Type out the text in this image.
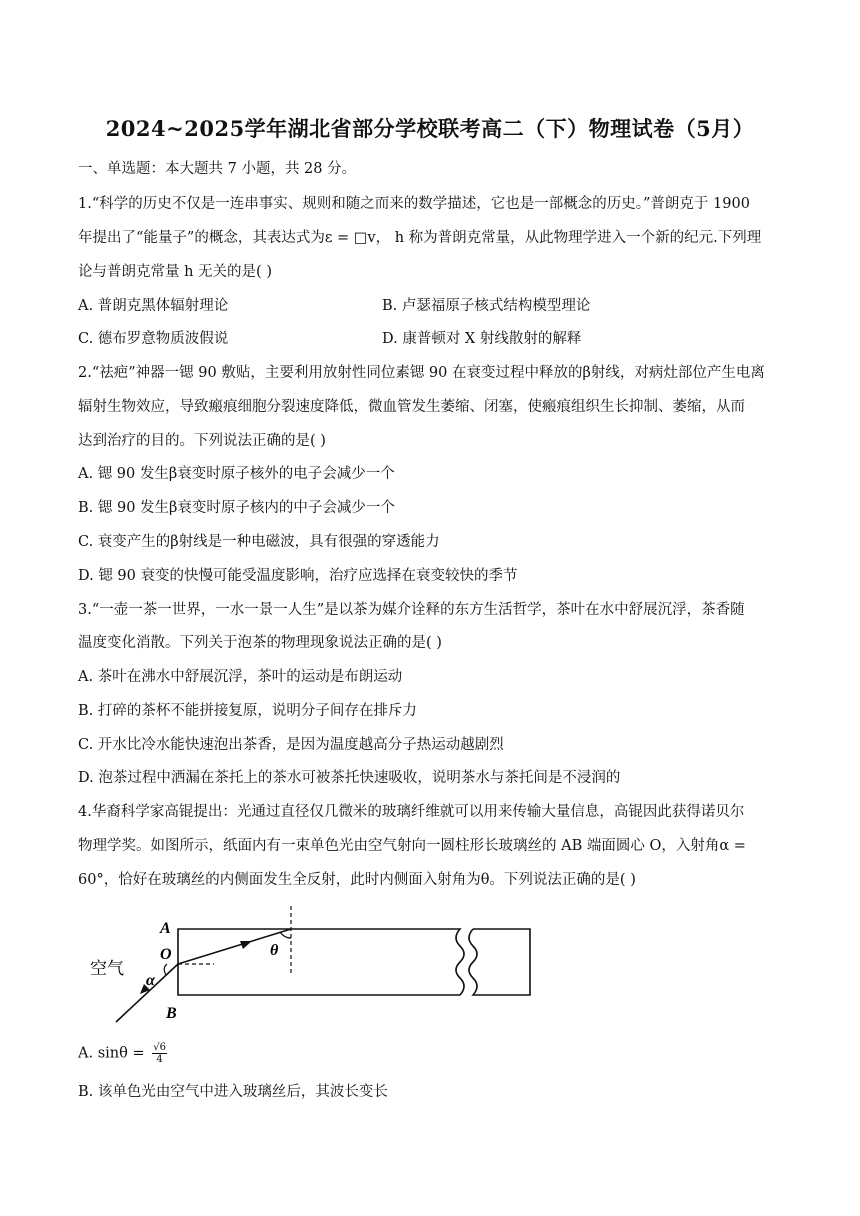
2024~2025学年湖北省部分学校联考高二（下）物理试卷（5月）
一、单选题：本大题共 7 小题，共 28 分。
1.“科学的历史不仅是一连串事实、规则和随之而来的数学描述，它也是一部概念的历史。”普朗克于 1900
年提出了“能量子”的概念，其表达式为ε = □v， h 称为普朗克常量，从此物理学进入一个新的纪元.下列理
论与普朗克常量 h 无关的是( )
A. 普朗克黑体辐射理论	B. 卢瑟福原子核式结构模型理论
C. 德布罗意物质波假说	D. 康普顿对 X 射线散射的解释
2.“祛疤”神器一锶 90 敷贴，主要利用放射性同位素锶 90 在衰变过程中释放的β射线，对病灶部位产生电离
辐射生物效应，导致瘢痕细胞分裂速度降低，微血管发生萎缩、闭塞，使瘢痕组织生长抑制、萎缩，从而
达到治疗的目的。下列说法正确的是( )
A. 锶 90 发生β衰变时原子核外的电子会减少一个
B. 锶 90 发生β衰变时原子核内的中子会减少一个
C. 衰变产生的β射线是一种电磁波，具有很强的穿透能力
D. 锶 90 衰变的快慢可能受温度影响，治疗应选择在衰变较快的季节
3.“一壶一茶一世界，一水一景一人生”是以茶为媒介诠释的东方生活哲学，茶叶在水中舒展沉浮，茶香随
温度变化消散。下列关于泡茶的物理现象说法正确的是( )
A. 茶叶在沸水中舒展沉浮，茶叶的运动是布朗运动
B. 打碎的茶杯不能拼接复原，说明分子间存在排斥力
C. 开水比冷水能快速泡出茶香，是因为温度越高分子热运动越剧烈
D. 泡茶过程中洒漏在茶托上的茶水可被茶托快速吸收，说明茶水与茶托间是不浸润的
4.华裔科学家高锟提出：光通过直径仅几微米的玻璃纤维就可以用来传输大量信息，高锟因此获得诺贝尔
物理学奖。如图所示，纸面内有一束单色光由空气射向一圆柱形长玻璃丝的 AB 端面圆心 O，入射角α =
60°，恰好在玻璃丝的内侧面发生全反射，此时内侧面入射角为θ。下列说法正确的是( )
A
O
B
空气
α
θ
A. $\sin\theta = \frac{√6}{4}$
B. 该单色光由空气中进入玻璃丝后，其波长变长
